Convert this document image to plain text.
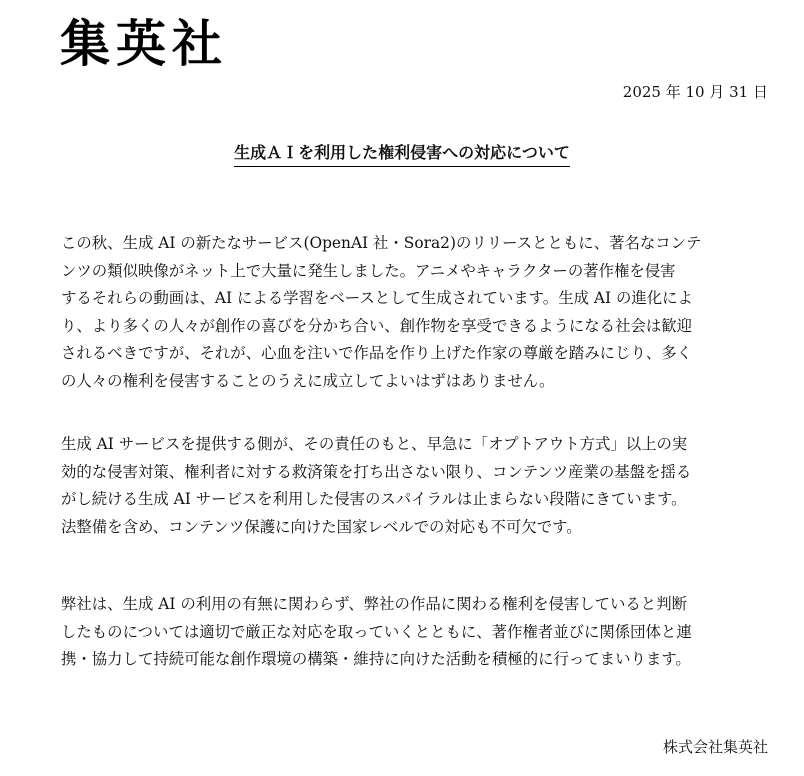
集英社
2025 年 10 月 31 日
生成ＡＩを利用した権利侵害への対応について

この秋、生成 AI の新たなサービス(OpenAI 社・Sora2)のリリースとともに、著名なコンテ

ンツの類似映像がネット上で大量に発生しました。アニメやキャラクターの著作権を侵害

するそれらの動画は、AI による学習をベースとして生成されています。生成 AI の進化によ

り、より多くの人々が創作の喜びを分かち合い、創作物を享受できるようになる社会は歓迎

されるべきですが、それが、心血を注いで作品を作り上げた作家の尊厳を踏みにじり、多く

の人々の権利を侵害することのうえに成立してよいはずはありません。

生成 AI サービスを提供する側が、その責任のもと、早急に「オプトアウト方式」以上の実

効的な侵害対策、権利者に対する救済策を打ち出さない限り、コンテンツ産業の基盤を揺る

がし続ける生成 AI サービスを利用した侵害のスパイラルは止まらない段階にきています。

法整備を含め、コンテンツ保護に向けた国家レベルでの対応も不可欠です。

弊社は、生成 AI の利用の有無に関わらず、弊社の作品に関わる権利を侵害していると判断

したものについては適切で厳正な対応を取っていくとともに、著作権者並びに関係団体と連

携・協力して持続可能な創作環境の構築・維持に向けた活動を積極的に行ってまいります。

株式会社集英社
